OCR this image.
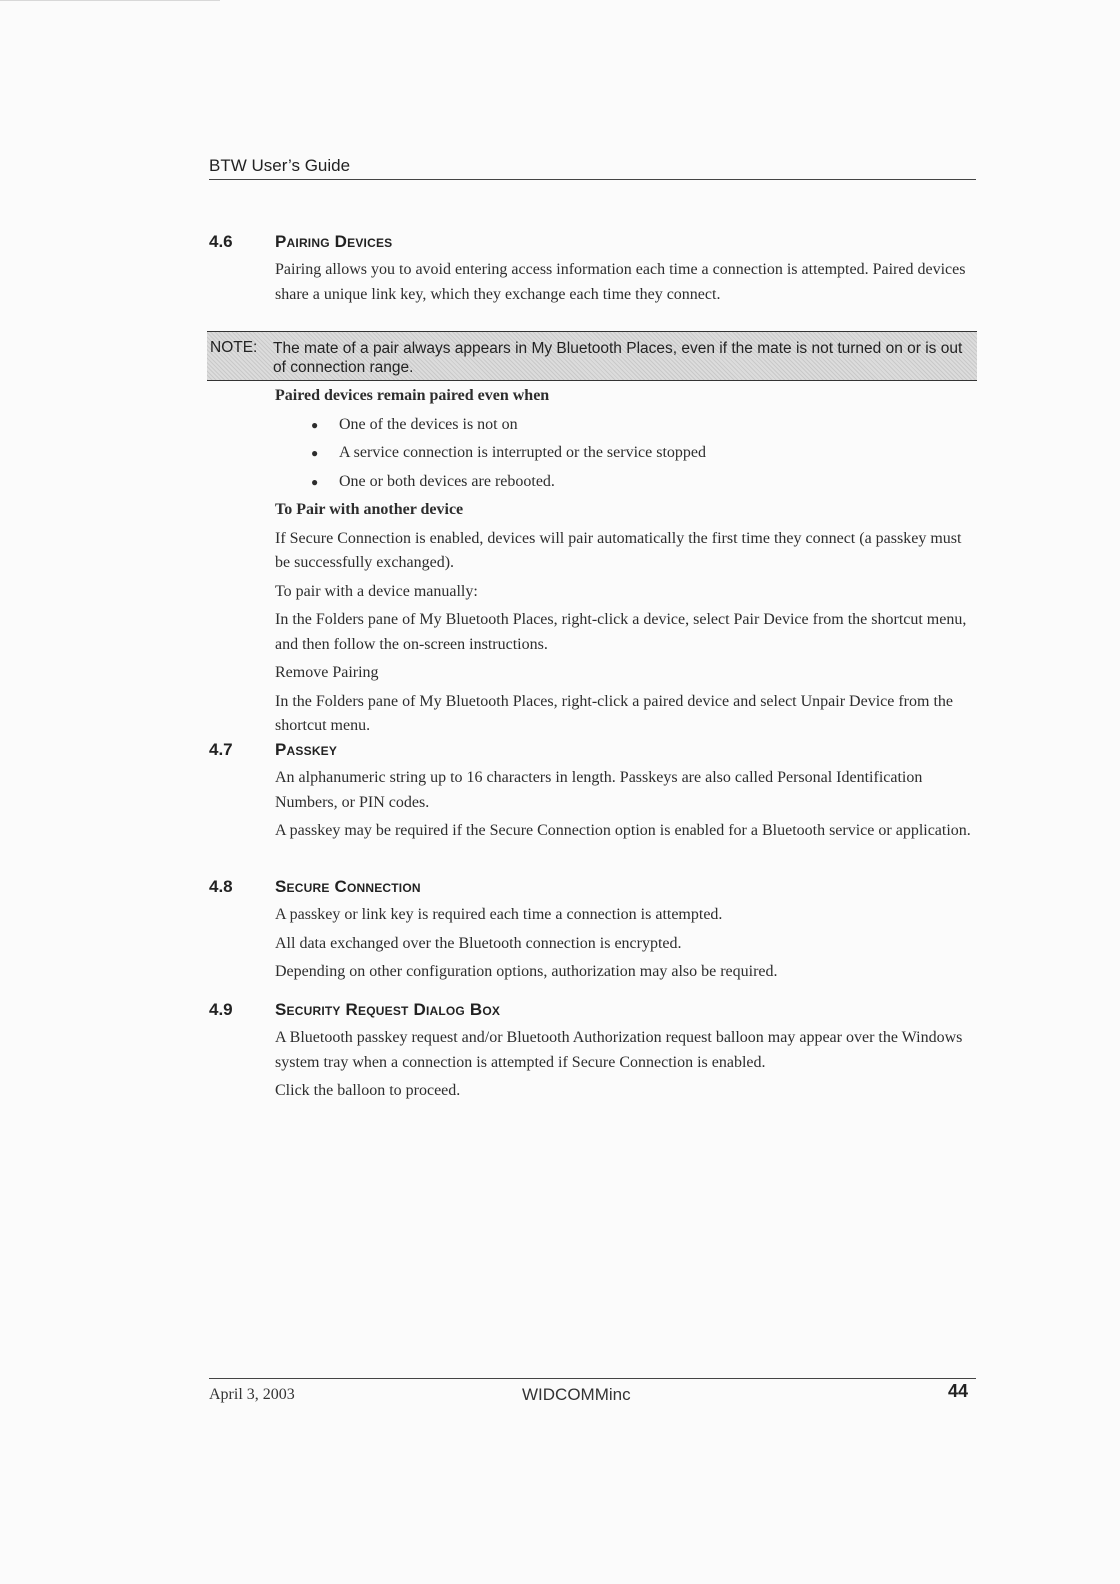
BTW User’s Guide
4.6 Pairing Devices

Pairing allows you to avoid entering access information each time a connection is attempted. Paired devices share a unique link key, which they exchange each time they connect.

NOTE: The mate of a pair always appears in My Bluetooth Places, even if the mate is not turned on or is out of connection range.

Paired devices remain paired even when

● One of the devices is not on
● A service connection is interrupted or the service stopped
● One or both devices are rebooted.

To Pair with another device

If Secure Connection is enabled, devices will pair automatically the first time they connect (a passkey must be successfully exchanged).

To pair with a device manually:

In the Folders pane of My Bluetooth Places, right-click a device, select Pair Device from the shortcut menu, and then follow the on-screen instructions.

Remove Pairing

In the Folders pane of My Bluetooth Places, right-click a paired device and select Unpair Device from the shortcut menu.

4.7 Passkey

An alphanumeric string up to 16 characters in length. Passkeys are also called Personal Identification Numbers, or PIN codes.

A passkey may be required if the Secure Connection option is enabled for a Bluetooth service or application.

4.8 Secure Connection

A passkey or link key is required each time a connection is attempted.

All data exchanged over the Bluetooth connection is encrypted.

Depending on other configuration options, authorization may also be required.

4.9 Security Request Dialog Box

A Bluetooth passkey request and/or Bluetooth Authorization request balloon may appear over the Windows system tray when a connection is attempted if Secure Connection is enabled.

Click the balloon to proceed.

April 3, 2003	WIDCOMMinc	44
